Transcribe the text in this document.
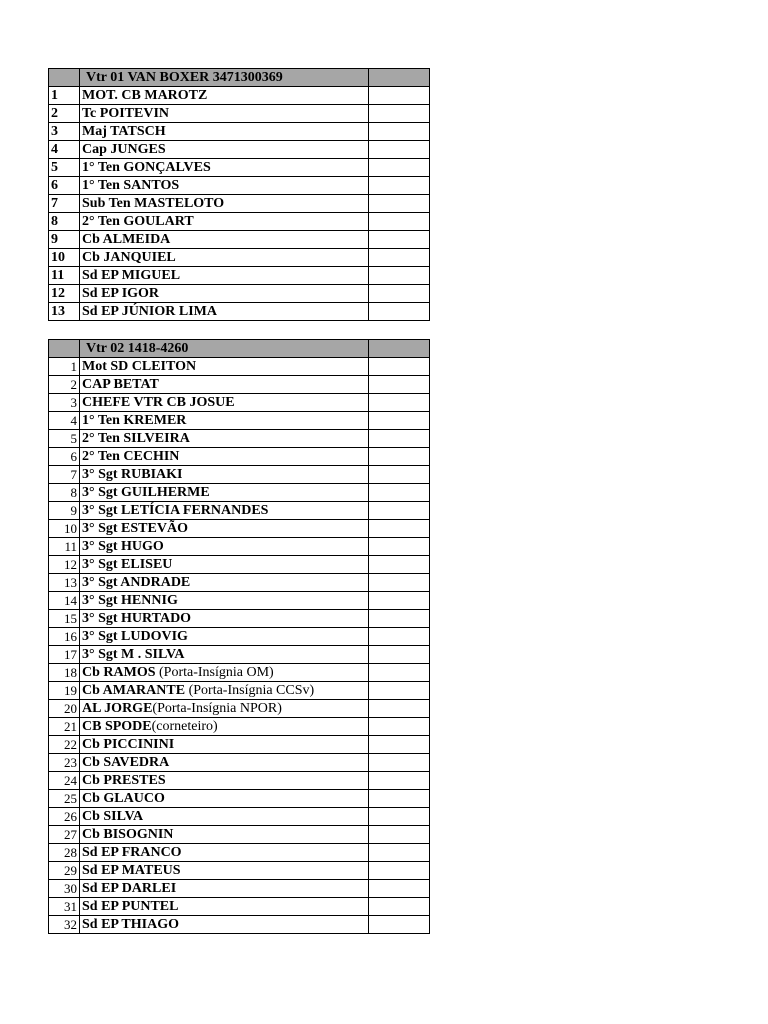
	Vtr 01 VAN BOXER 3471300369	
1	MOT. CB MAROTZ	
2	Tc POITEVIN	
3	Maj TATSCH	
4	Cap JUNGES	
5	1° Ten GONÇALVES	
6	1° Ten SANTOS	
7	Sub Ten MASTELOTO	
8	2° Ten GOULART	
9	Cb ALMEIDA	
10	Cb JANQUIEL	
11	Sd EP MIGUEL	
12	Sd EP IGOR	
13	Sd EP JÚNIOR LIMA	
	Vtr 02 1418-4260	
1	Mot SD CLEITON	
2	CAP BETAT	
3	CHEFE VTR CB JOSUE	
4	1° Ten KREMER	
5	2° Ten SILVEIRA	
6	2° Ten CECHIN	
7	3° Sgt RUBIAKI	
8	3° Sgt GUILHERME	
9	3° Sgt LETÍCIA FERNANDES	
10	3° Sgt ESTEVÃO	
11	3° Sgt HUGO	
12	3° Sgt ELISEU	
13	3° Sgt ANDRADE	
14	3° Sgt HENNIG	
15	3° Sgt HURTADO	
16	3° Sgt LUDOVIG	
17	3° Sgt M . SILVA	
18	Cb RAMOS (Porta-Insígnia OM)	
19	Cb AMARANTE (Porta-Insígnia CCSv)	
20	AL JORGE(Porta-Insígnia NPOR)	
21	CB SPODE(corneteiro)	
22	Cb PICCININI	
23	Cb SAVEDRA	
24	Cb PRESTES	
25	Cb GLAUCO	
26	Cb SILVA	
27	Cb BISOGNIN	
28	Sd EP FRANCO	
29	Sd EP MATEUS	
30	Sd EP DARLEI	
31	Sd EP PUNTEL	
32	Sd EP THIAGO	
